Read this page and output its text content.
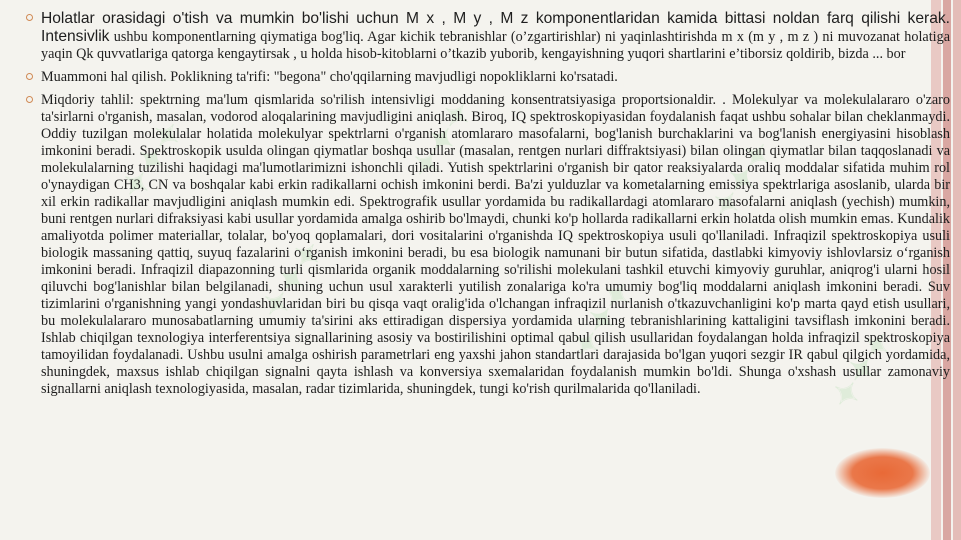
✦✦✦
✦✦✦
✦✦✦
✦✦✦
✦✦✦
✦✦✦

Holatlar orasidagi o'tish va mumkin bo'lishi uchun M x , M y , M z komponentlaridan kamida bittasi noldan farq qilishi kerak. Intensivlik ushbu komponentlarning qiymatiga bog'liq. Agar kichik tebranishlar (o’zgartirishlar) ni yaqinlashtirishda m x (m y , m z ) ni muvozanat holatiga yaqin Qk quvvatlariga qatorga kengaytirsak , u holda hisob-kitoblarni o’tkazib yuborib, kengayishning yuqori shartlarini e’tiborsiz qoldirib, bizda ... bor

Muammoni hal qilish. Poklikning ta'rifi: "begona" cho'qqilarning mavjudligi nopokliklarni ko'rsatadi.

Miqdoriy tahlil: spektrning ma'lum qismlarida so'rilish intensivligi moddaning konsentratsiyasiga proportsionaldir. . Molekulyar va molekulalararo o'zaro ta'sirlarni o'rganish, masalan, vodorod aloqalarining mavjudligini aniqlash. Biroq, IQ spektroskopiyasidan foydalanish faqat ushbu sohalar bilan cheklanmaydi. Oddiy tuzilgan molekulalar holatida molekulyar spektrlarni o'rganish atomlararo masofalarni, bog'lanish burchaklarini va bog'lanish energiyasini hisoblash imkonini beradi. Spektroskopik usulda olingan qiymatlar boshqa usullar (masalan, rentgen nurlari diffraktsiyasi) bilan olingan qiymatlar bilan taqqoslanadi va molekulalarning tuzilishi haqidagi ma'lumotlarimizni ishonchli qiladi. Yutish spektrlarini o'rganish bir qator reaksiyalarda oraliq moddalar sifatida muhim rol o'ynaydigan CH3, CN va boshqalar kabi erkin radikallarni ochish imkonini berdi. Ba'zi yulduzlar va kometalarning emissiya spektrlariga asoslanib, ularda bir xil erkin radikallar mavjudligini aniqlash mumkin edi. Spektrografik usullar yordamida bu radikallardagi atomlararo masofalarni aniqlash (yechish) mumkin, buni rentgen nurlari difraksiyasi kabi usullar yordamida amalga oshirib bo'lmaydi, chunki ko'p hollarda radikallarni erkin holatda olish mumkin emas. Kundalik amaliyotda polimer materiallar, tolalar, bo'yoq qoplamalari, dori vositalarini o'rganishda IQ spektroskopiya usuli qo'llaniladi. Infraqizil spektroskopiya usuli biologik massaning qattiq, suyuq fazalarini o‘rganish imkonini beradi, bu esa biologik namunani bir butun sifatida, dastlabki kimyoviy ishlovlarsiz o‘rganish imkonini beradi. Infraqizil diapazonning turli qismlarida organik moddalarning so'rilishi molekulani tashkil etuvchi kimyoviy guruhlar, aniqrog'i ularni hosil qiluvchi bog'lanishlar bilan belgilanadi, shuning uchun usul xarakterli yutilish zonalariga ko'ra umumiy bog'liq moddalarni aniqlash imkonini beradi. Suv tizimlarini o'rganishning yangi yondashuvlaridan biri bu qisqa vaqt oralig'ida o'lchangan infraqizil nurlanish o'tkazuvchanligini ko'p marta qayd etish usullari, bu molekulalararo munosabatlarning umumiy ta'sirini aks ettiradigan dispersiya yordamida ularning tebranishlarining kattaligini tavsiflash imkonini beradi. Ishlab chiqilgan texnologiya interferentsiya signallarining asosiy va bostirilishini optimal qabul qilish usullaridan foydalangan holda infraqizil spektroskopiya tamoyilidan foydalanadi. Ushbu usulni amalga oshirish parametrlari eng yaxshi jahon standartlari darajasida bo'lgan yuqori sezgir IR qabul qilgich yordamida, shuningdek, maxsus ishlab chiqilgan signalni qayta ishlash va konversiya sxemalaridan foydalanish mumkin bo'ldi. Shunga o'xshash usullar zamonaviy signallarni aniqlash texnologiyasida, masalan, radar tizimlarida, shuningdek, tungi ko'rish qurilmalarida qo'llaniladi.
